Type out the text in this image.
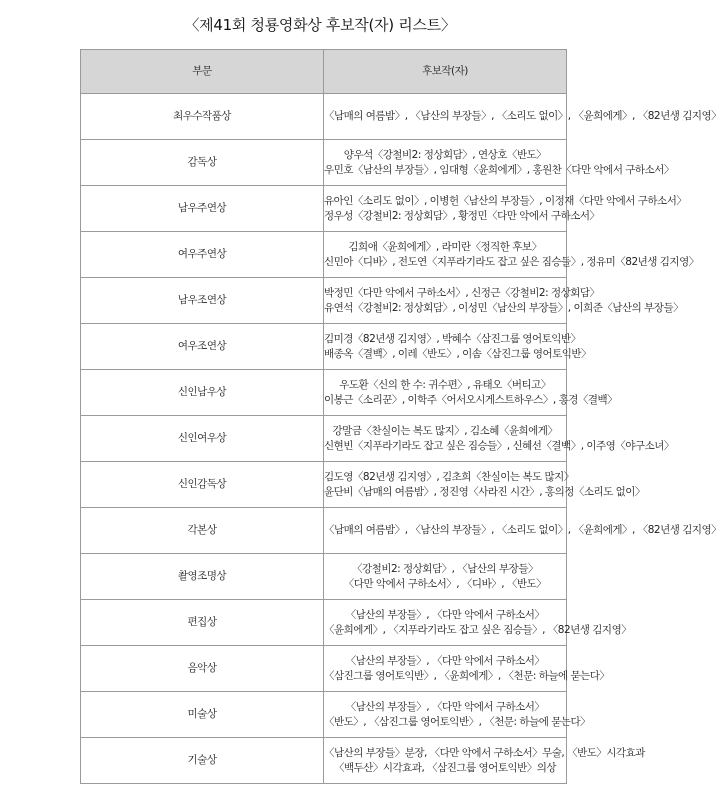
〈제41회 청룡영화상 후보작(자) 리스트〉
부문	후보작(자)
최우수작품상	〈남매의 여름밤〉, 〈남산의 부장들〉, 〈소리도 없이〉, 〈윤희에게〉, 〈82년생 김지영〉

감독상	양우석〈강철비2: 정상회담〉, 연상호〈반도〉
우민호〈남산의 부장들〉, 임대형〈윤희에게〉, 홍원찬〈다만 악에서 구하소서〉

남우주연상	유아인〈소리도 없이〉, 이병헌〈남산의 부장들〉, 이정재〈다만 악에서 구하소서〉
정우성〈강철비2: 정상회담〉, 황정민〈다만 악에서 구하소서〉

여우주연상	김희애〈윤희에게〉, 라미란〈정직한 후보〉
신민아〈디바〉, 전도연〈지푸라기라도 잡고 싶은 짐승들〉, 정유미〈82년생 김지영〉

남우조연상	박정민〈다만 악에서 구하소서〉, 신정근〈강철비2: 정상회담〉
유연석〈강철비2: 정상회담〉, 이성민〈남산의 부장들〉, 이희준〈남산의 부장들〉

여우조연상	김미경〈82년생 김지영〉, 박혜수〈삼진그룹 영어토익반〉
배종옥〈결백〉, 이레〈반도〉, 이솜〈삼진그룹 영어토익반〉

신인남우상	우도환〈신의 한 수: 귀수편〉, 유태오〈버티고〉
이봉근〈소리꾼〉, 이학주〈어서오시게스트하우스〉, 홍경〈결백〉

신인여우상	강말금〈찬실이는 복도 많지〉, 김소혜〈윤희에게〉
신현빈〈지푸라기라도 잡고 싶은 짐승들〉, 신혜선〈결백〉, 이주영〈야구소녀〉

신인감독상	김도영〈82년생 김지영〉, 김초희〈찬실이는 복도 많지〉
윤단비〈남매의 여름밤〉, 정진영〈사라진 시간〉, 홍의정〈소리도 없이〉

각본상	〈남매의 여름밤〉, 〈남산의 부장들〉, 〈소리도 없이〉, 〈윤희에게〉, 〈82년생 김지영〉

촬영조명상	〈강철비2: 정상회담〉, 〈남산의 부장들〉
〈다만 악에서 구하소서〉, 〈디바〉, 〈반도〉

편집상	〈남산의 부장들〉, 〈다만 악에서 구하소서〉
〈윤희에게〉, 〈지푸라기라도 잡고 싶은 짐승들〉, 〈82년생 김지영〉

음악상	〈남산의 부장들〉, 〈다만 악에서 구하소서〉
〈삼진그룹 영어토익반〉, 〈윤희에게〉, 〈천문: 하늘에 묻는다〉

미술상	〈남산의 부장들〉, 〈다만 악에서 구하소서〉
〈반도〉, 〈삼진그룹 영어토익반〉, 〈천문: 하늘에 묻는다〉

기술상	〈남산의 부장들〉분장, 〈다만 악에서 구하소서〉무술, 〈반도〉시각효과
〈백두산〉시각효과, 〈삼진그룹 영어토익반〉의상
